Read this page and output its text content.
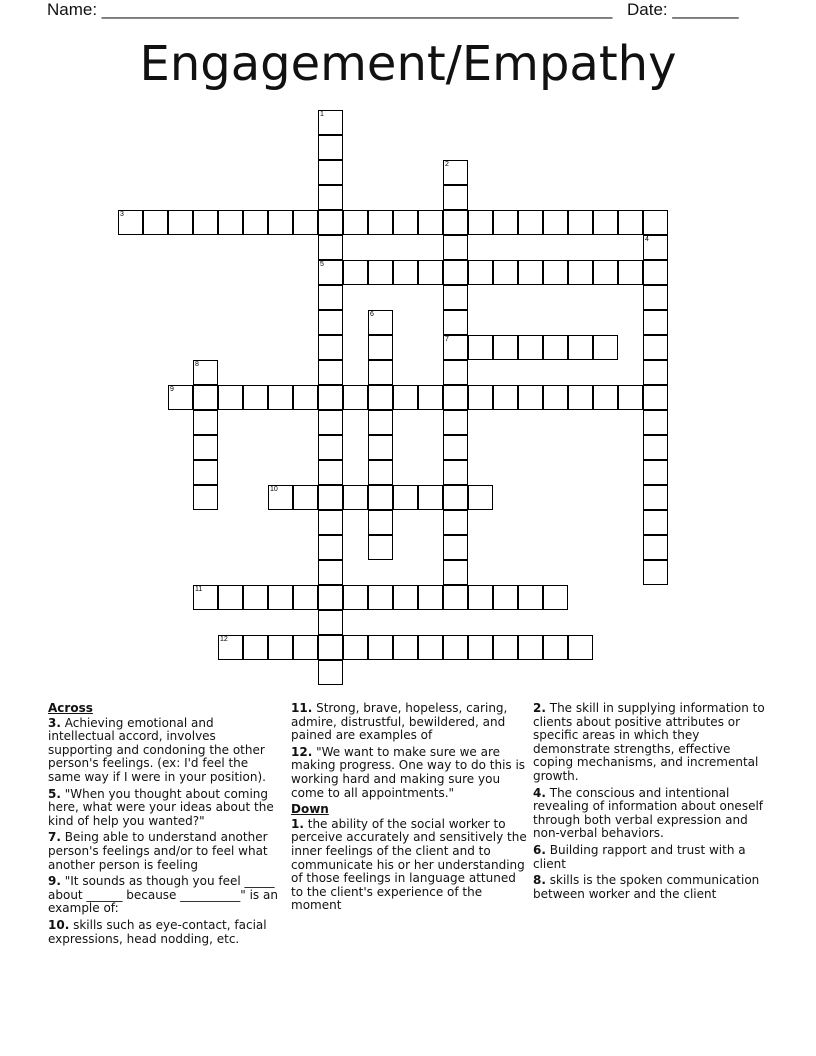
Name: ______________________________________________________ Date: _______
Engagement/Empathy
1
5
2
7
3
4
6
8
9
10
11
12
Across
3. Achieving emotional and intellectual accord, involves supporting and condoning the other person's feelings. (ex: I'd feel the same way if I were in your position).
5. "When you thought about coming here, what were your ideas about the kind of help you wanted?"
7. Being able to understand another person's feelings and/or to feel what another person is feeling
9. "It sounds as though you feel _____ about ______ because __________" is an example of:
10. skills such as eye-contact, facial expressions, head nodding, etc.
11. Strong, brave, hopeless, caring, admire, distrustful, bewildered, and pained are examples of
12. "We want to make sure we are making progress. One way to do this is working hard and making sure you come to all appointments."
Down
1. the ability of the social worker to perceive accurately and sensitively the inner feelings of the client and to communicate his or her understanding of those feelings in language attuned to the client's experience of the moment
2. The skill in supplying information to clients about positive attributes or specific areas in which they demonstrate strengths, effective coping mechanisms, and incremental growth.
4. The conscious and intentional revealing of information about oneself through both verbal expression and non-verbal behaviors.
6. Building rapport and trust with a client
8. skills is the spoken communication between worker and the client
